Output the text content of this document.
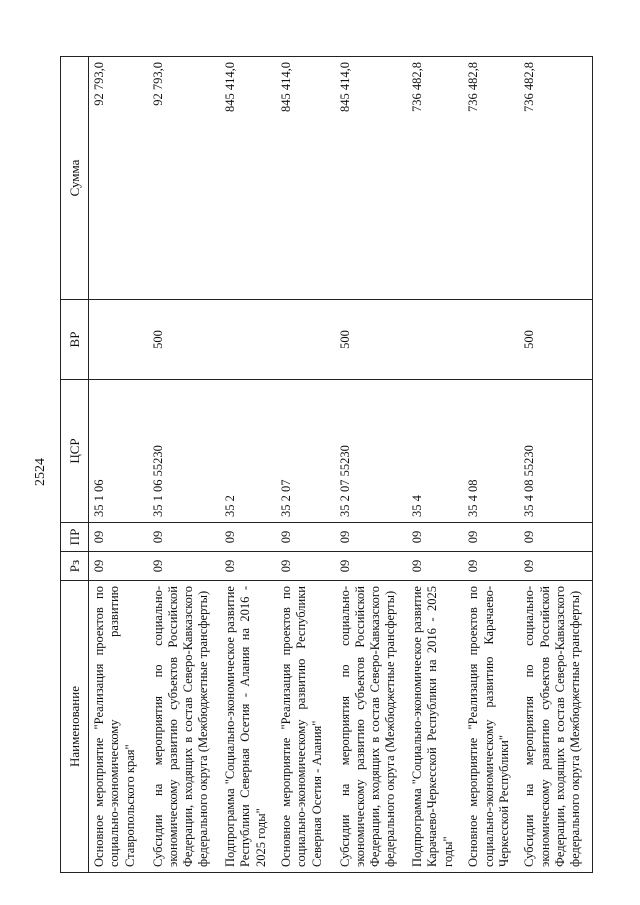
2524
Наименование	Рз	ПР	ЦСР	ВР	Сумма
Основное мероприятие "Реализация проектов по социально-экономическому развитию Ставропольского края"	09	09	35 1 06		92 793,0
Субсидии на мероприятия по социально-экономическому развитию субъектов Российской Федерации, входящих в состав Северо-Кавказского федерального округа (Межбюджетные трансферты)	09	09	35 1 06 55230	500	92 793,0
Подпрограмма "Социально-экономическое развитие Республики Северная Осетия - Алания на 2016 - 2025 годы"	09	09	35 2		845 414,0
Основное мероприятие "Реализация проектов по социально-экономическому развитию Республики Северная Осетия - Алания"	09	09	35 2 07		845 414,0
Субсидии на мероприятия по социально-экономическому развитию субъектов Российской Федерации, входящих в состав Северо-Кавказского федерального округа (Межбюджетные трансферты)	09	09	35 2 07 55230	500	845 414,0
Подпрограмма "Социально-экономическое развитие Карачаево-Черкесской Республики на 2016 - 2025 годы"	09	09	35 4		736 482,8
Основное мероприятие "Реализация проектов по социально-экономическому развитию Карачаево-Черкесской Республики"	09	09	35 4 08		736 482,8
Субсидии на мероприятия по социально-экономическому развитию субъектов Российской Федерации, входящих в состав Северо-Кавказского федерального округа (Межбюджетные трансферты)	09	09	35 4 08 55230	500	736 482,8
